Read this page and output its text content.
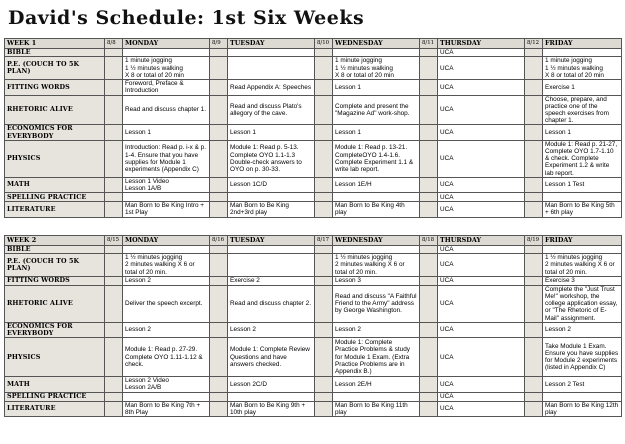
David's Schedule: 1st Six Weeks
WEEK 1	8/8	MONDAY	8/9	TUESDAY	8/10	WEDNESDAY	8/11	THURSDAY	8/12	FRIDAY
BIBLE								UCA		
P.E. (COUCH TO 5K PLAN)		1 minute jogging
1 ½ minutes walking
X 8 or total of 20 min				1 minute jogging
1 ½ minutes walking
X 8 or total of 20 min		UCA		1 minute jogging
1 ½ minutes walking
X 8 or total of 20 min
FITTING WORDS		Foreword, Preface & Introduction		Read Appendix A: Speeches		Lesson 1		UCA		Exercise 1
RHETORIC ALIVE		Read and discuss chapter 1.		Read and discuss Plato's allegory of the cave.		Complete and present the "Magazine Ad" work-shop.		UCA		Choose, prepare, and practice one of the speech exercises from chapter 1.
ECONOMICS FOR EVERYBODY		Lesson 1		Lesson 1		Lesson 1		UCA		Lesson 1
PHYSICS		Introduction: Read p. i-x & p. 1-4. Ensure that you have supplies for Module 1 experiments (Appendix C)		Module 1: Read p. 5-13. Complete OYO 1.1-1.3 Double-check answers to OYO on p. 30-33.		Module 1: Read p. 13-21. CompleteOYO 1.4-1.6. Complete Experiment 1.1 & write lab report.		UCA		Module 1: Read p. 21-27, Complete OYO 1.7-1.10 & check. Complete Experiment 1.2 & write lab report.
MATH		Lesson 1 Video
Lesson 1A/B		Lesson 1C/D		Lesson 1E/H		UCA		Lesson 1 Test
SPELLING PRACTICE								UCA		
LITERATURE		Man Born to Be King Intro + 1st Play		Man Born to Be King 2nd+3rd play		Man Born to Be King 4th play		UCA		Man Born to Be King 5th + 6th play
WEEK 2	8/15	MONDAY	8/16	TUESDAY	8/17	WEDNESDAY	8/18	THURSDAY	8/19	FRIDAY
BIBLE								UCA		
P.E. (COUCH TO 5K PLAN)		1 ½ minutes jogging
2 minutes walking X 6 or total of 20 min.				1 ½ minutes jogging
2 minutes walking X 6 or total of 20 min.		UCA		1 ½ minutes jogging
2 minutes walking X 6 or total of 20 min.
FITTING WORDS		Lesson 2		Exercise 2		Lesson 3		UCA		Exercise 3
RHETORIC ALIVE		Deliver the speech excerpt.		Read and discuss chapter 2.		Read and discuss "A Faithful Friend to the Army" address by George Washington.		UCA		Complete the "Just Trust Me!" workshop, the college application essay, or "The Rhetoric of E-Mail" assignment.
ECONOMICS FOR EVERYBODY		Lesson 2		Lesson 2		Lesson 2		UCA		Lesson 2
PHYSICS		Module 1: Read p. 27-29. Complete OYO 1.11-1.12 & check.		Module 1: Complete Review Questions and have answers checked.		Module 1: Complete Practice Problems & study for Module 1 Exam. (Extra Practice Problems are in Appendix B.)		UCA		Take Module 1 Exam. Ensure you have supplies for Module 2 experiments (listed in Appendix C)
MATH		Lesson 2 Video
Lesson 2A/B		Lesson 2C/D		Lesson 2E/H		UCA		Lesson 2 Test
SPELLING PRACTICE								UCA		
LITERATURE		Man Born to Be King 7th + 8th Play		Man Born to Be King 9th + 10th play		Man Born to Be King 11th play		UCA		Man Born to Be King 12th play
